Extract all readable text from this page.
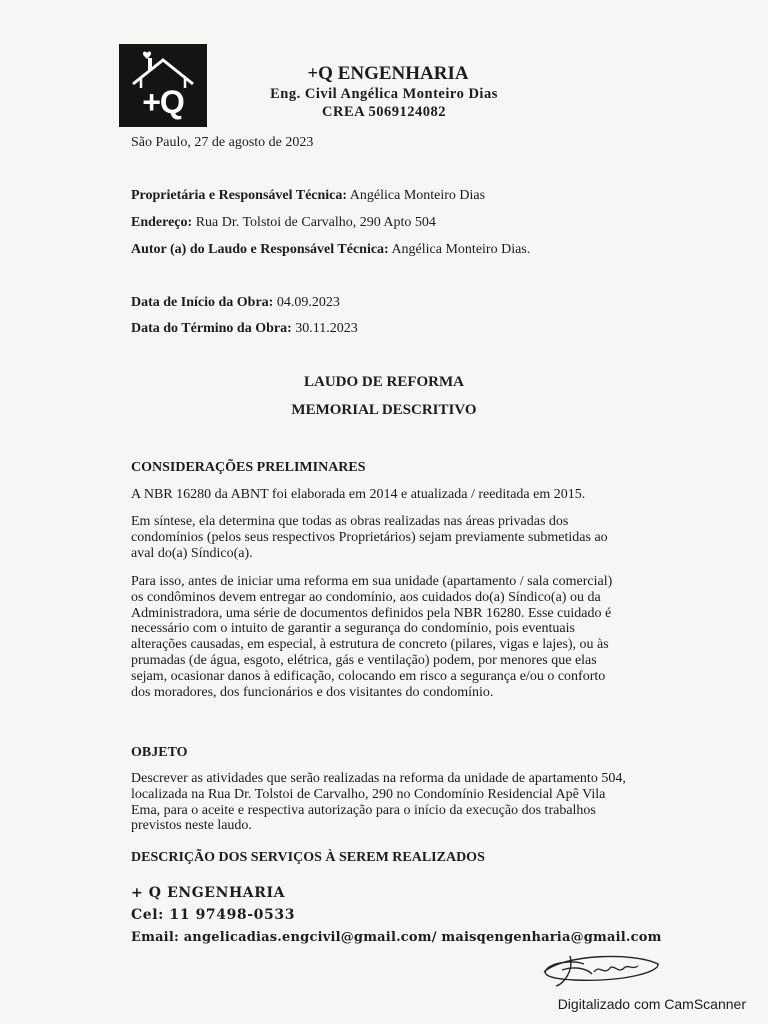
+Q
+Q ENGENHARIA
Eng. Civil Angélica Monteiro Dias
CREA 5069124082
São Paulo, 27 de agosto de 2023
Proprietária e Responsável Técnica: Angélica Monteiro Dias
Endereço: Rua Dr. Tolstoi de Carvalho, 290 Apto 504
Autor (a) do Laudo e Responsável Técnica: Angélica Monteiro Dias.
Data de Início da Obra: 04.09.2023
Data do Término da Obra: 30.11.2023
LAUDO DE REFORMA
MEMORIAL DESCRITIVO
CONSIDERAÇÕES PRELIMINARES
A NBR 16280 da ABNT foi elaborada em 2014 e atualizada / reeditada em 2015.
Em síntese, ela determina que todas as obras realizadas nas áreas privadas dos
condomínios (pelos seus respectivos Proprietários) sejam previamente submetidas ao
aval do(a) Síndico(a).
Para isso, antes de iniciar uma reforma em sua unidade (apartamento / sala comercial)
os condôminos devem entregar ao condomínio, aos cuidados do(a) Síndico(a) ou da
Administradora, uma série de documentos definidos pela NBR 16280. Esse cuidado é
necessário com o intuito de garantir a segurança do condomínio, pois eventuais
alterações causadas, em especial, à estrutura de concreto (pilares, vigas e lajes), ou às
prumadas (de água, esgoto, elétrica, gás e ventilação) podem, por menores que elas
sejam, ocasionar danos à edificação, colocando em risco a segurança e/ou o conforto
dos moradores, dos funcionários e dos visitantes do condomínio.
OBJETO
Descrever as atividades que serão realizadas na reforma da unidade de apartamento 504,
localizada na Rua Dr. Tolstoi de Carvalho, 290 no Condomínio Residencial Apê Vila
Ema, para o aceite e respectiva autorização para o início da execução dos trabalhos
previstos neste laudo.
DESCRIÇÃO DOS SERVIÇOS À SEREM REALIZADOS
+ Q ENGENHARIA
Cel: 11 97498-0533
Email: angelicadias.engcivil@gmail.com/ maisqengenharia@gmail.com
Digitalizado com CamScanner
